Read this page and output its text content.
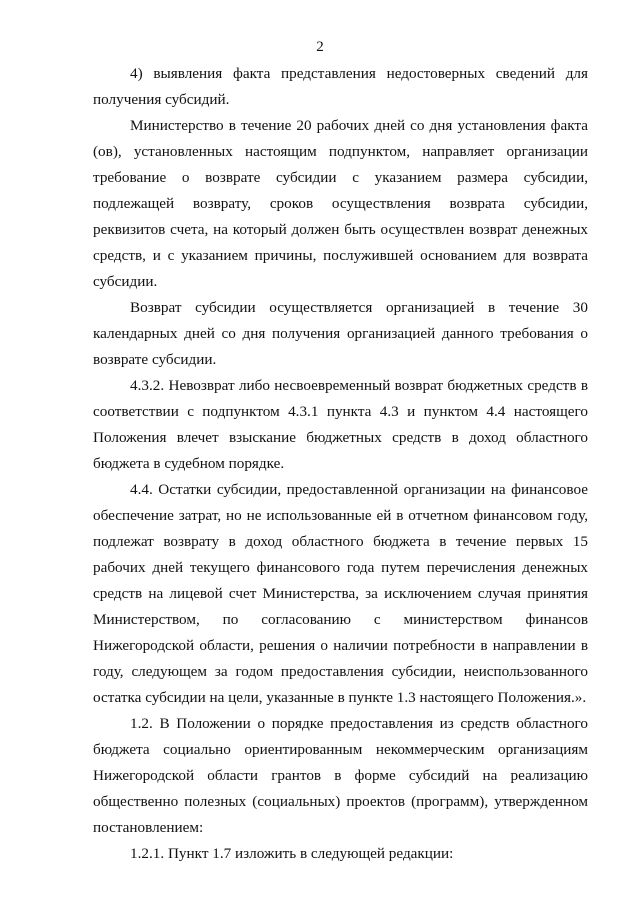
2

4) выявления факта представления недостоверных сведений для получения субсидий.

Министерство в течение 20 рабочих дней со дня установления факта (ов), установленных настоящим подпунктом, направляет организации требование о возврате субсидии с указанием размера субсидии, подлежащей возврату, сроков осуществления возврата субсидии, реквизитов счета, на который должен быть осуществлен возврат денежных средств, и с указанием причины, послужившей основанием для возврата субсидии.

Возврат субсидии осуществляется организацией в течение 30 календарных дней со дня получения организацией данного требования о возврате субсидии.

4.3.2. Невозврат либо несвоевременный возврат бюджетных средств в соответствии с подпунктом 4.3.1 пункта 4.3 и пунктом 4.4 настоящего Положения влечет взыскание бюджетных средств в доход областного бюджета в судебном порядке.

4.4. Остатки субсидии, предоставленной организации на финансовое обеспечение затрат, но не использованные ей в отчетном финансовом году, подлежат возврату в доход областного бюджета в течение первых 15 рабочих дней текущего финансового года путем перечисления денежных средств на лицевой счет Министерства, за исключением случая принятия Министерством, по согласованию с министерством финансов Нижегородской области, решения о наличии потребности в направлении в году, следующем за годом предоставления субсидии, неиспользованного остатка субсидии на цели, указанные в пункте 1.3 настоящего Положения.».

1.2. В Положении о порядке предоставления из средств областного бюджета социально ориентированным некоммерческим организациям Нижегородской области грантов в форме субсидий на реализацию общественно полезных (социальных) проектов (программ), утвержденном постановлением:

1.2.1. Пункт 1.7 изложить в следующей редакции:
